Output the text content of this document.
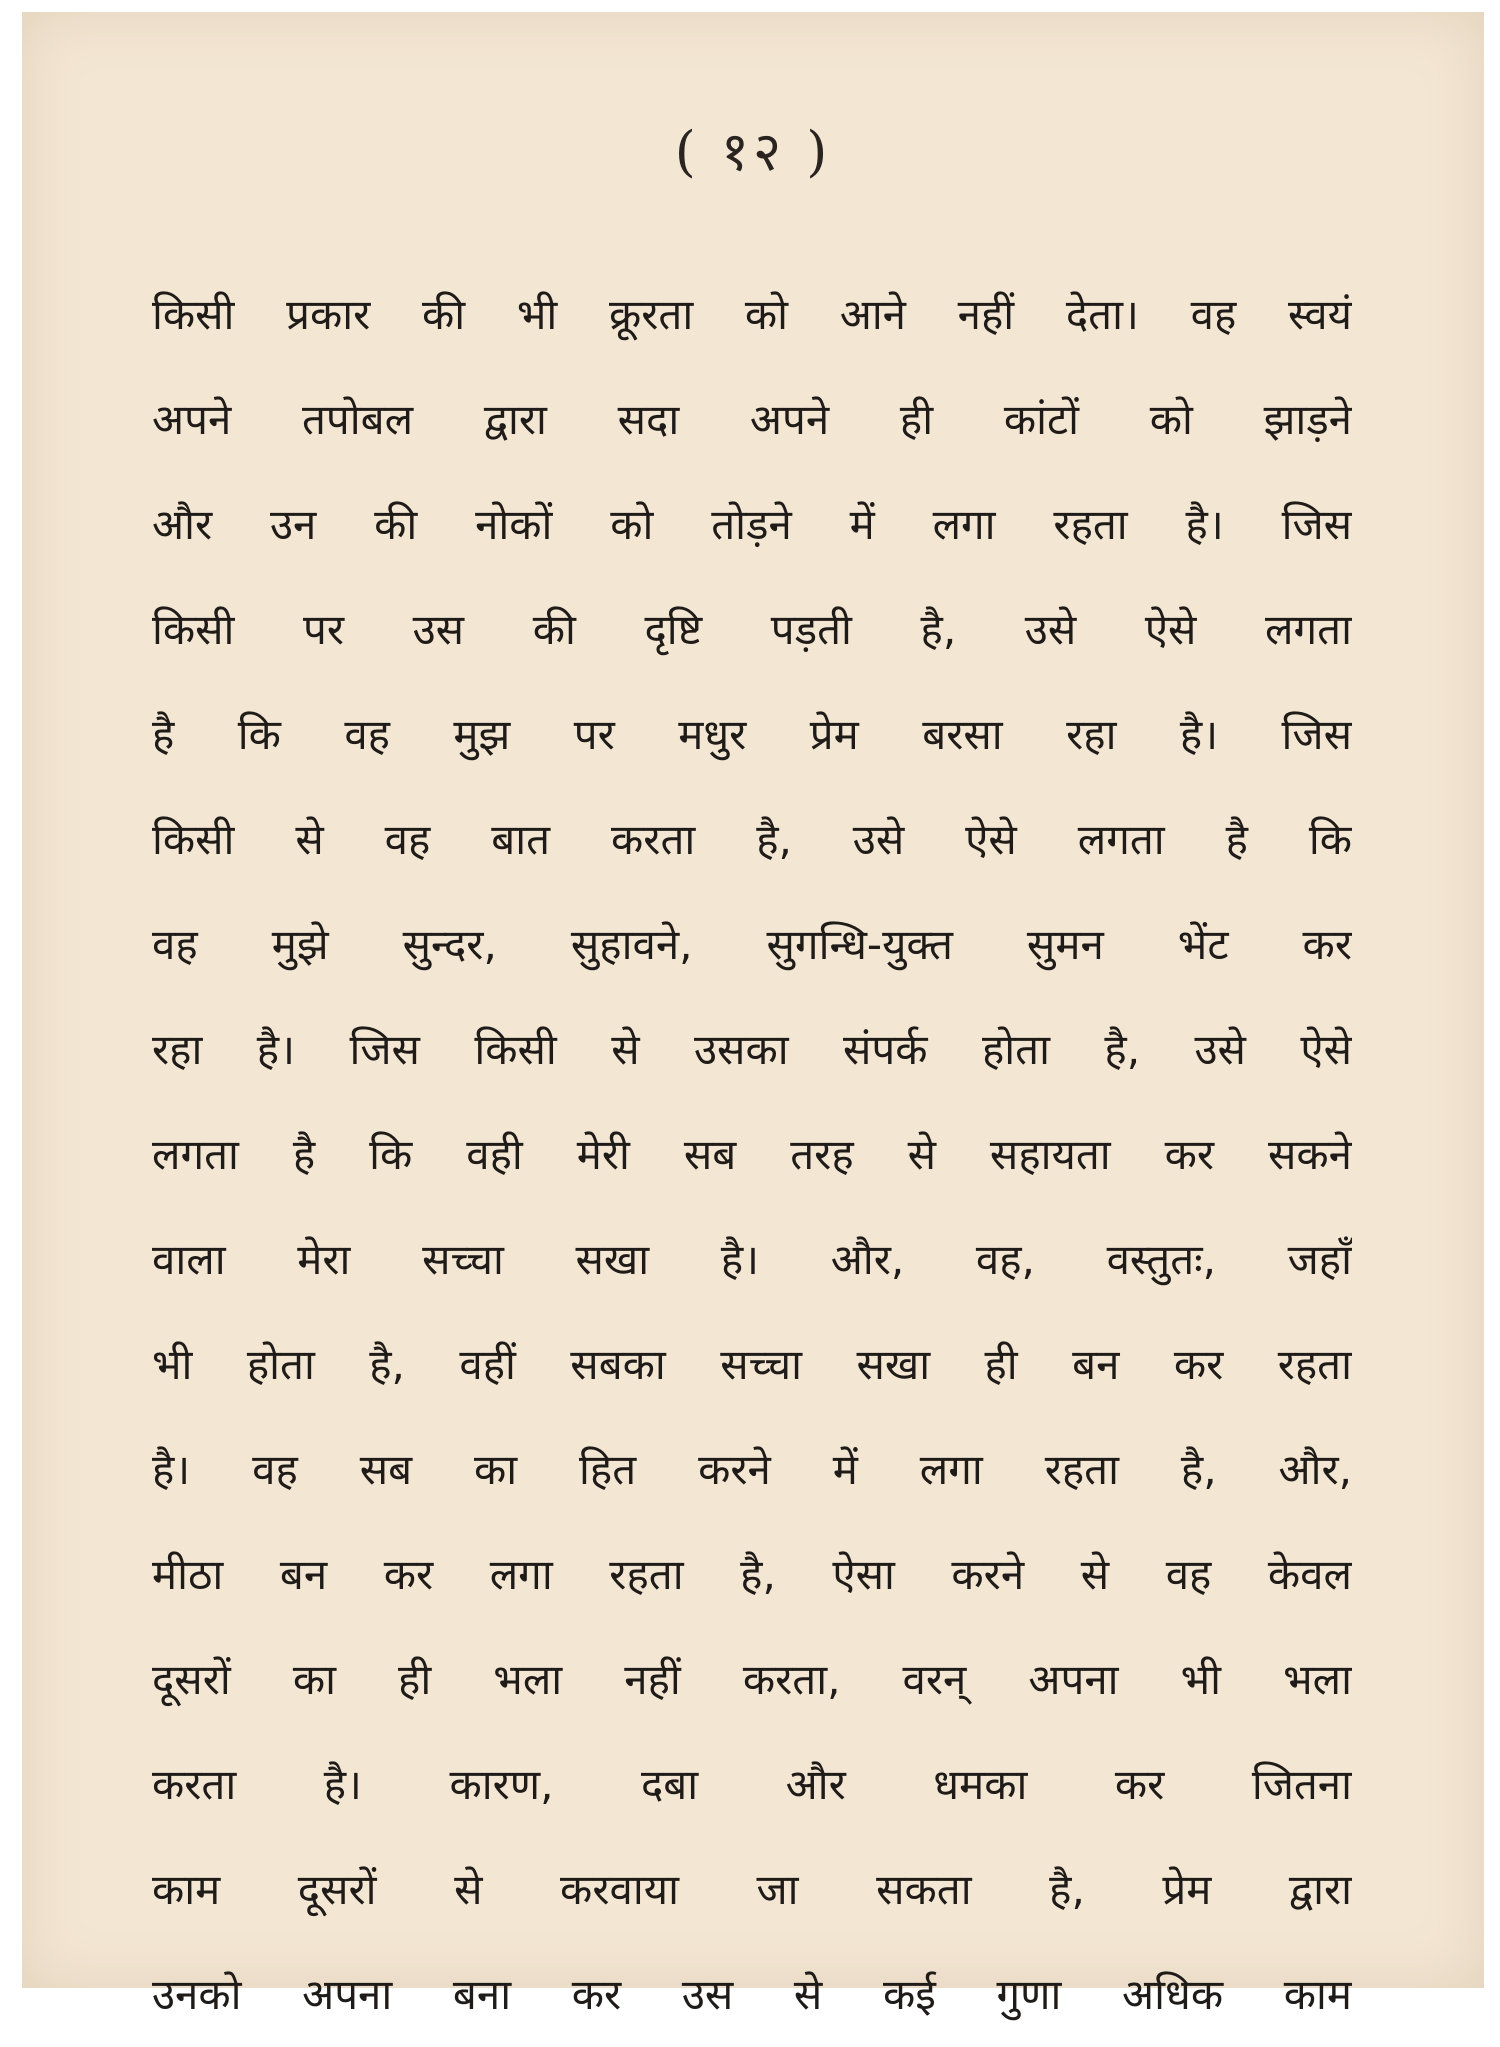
( १२ )
किसी प्रकार की भी क्रूरता को आने नहीं देता। वह स्वयं
अपने तपोबल द्वारा सदा अपने ही कांटों को झाड़ने
और उन की नोकों को तोड़ने में लगा रहता है। जिस
किसी पर उस की दृष्टि पड़ती है, उसे ऐसे लगता
है कि वह मुझ पर मधुर प्रेम बरसा रहा है। जिस
किसी से वह बात करता है, उसे ऐसे लगता है कि
वह मुझे सुन्दर, सुहावने, सुगन्धि-युक्त सुमन भेंट कर
रहा है। जिस किसी से उसका संपर्क होता है, उसे ऐसे
लगता है कि वही मेरी सब तरह से सहायता कर सकने
वाला मेरा सच्चा सखा है। और, वह, वस्तुतः, जहाँ
भी होता है, वहीं सबका सच्चा सखा ही बन कर रहता
है। वह सब का हित करने में लगा रहता है, और,
मीठा बन कर लगा रहता है, ऐसा करने से वह केवल
दूसरों का ही भला नहीं करता, वरन् अपना भी भला
करता है। कारण, दबा और धमका कर जितना
काम दूसरों से करवाया जा सकता है, प्रेम द्वारा
उनको अपना बना कर उस से कई गुणा अधिक काम
